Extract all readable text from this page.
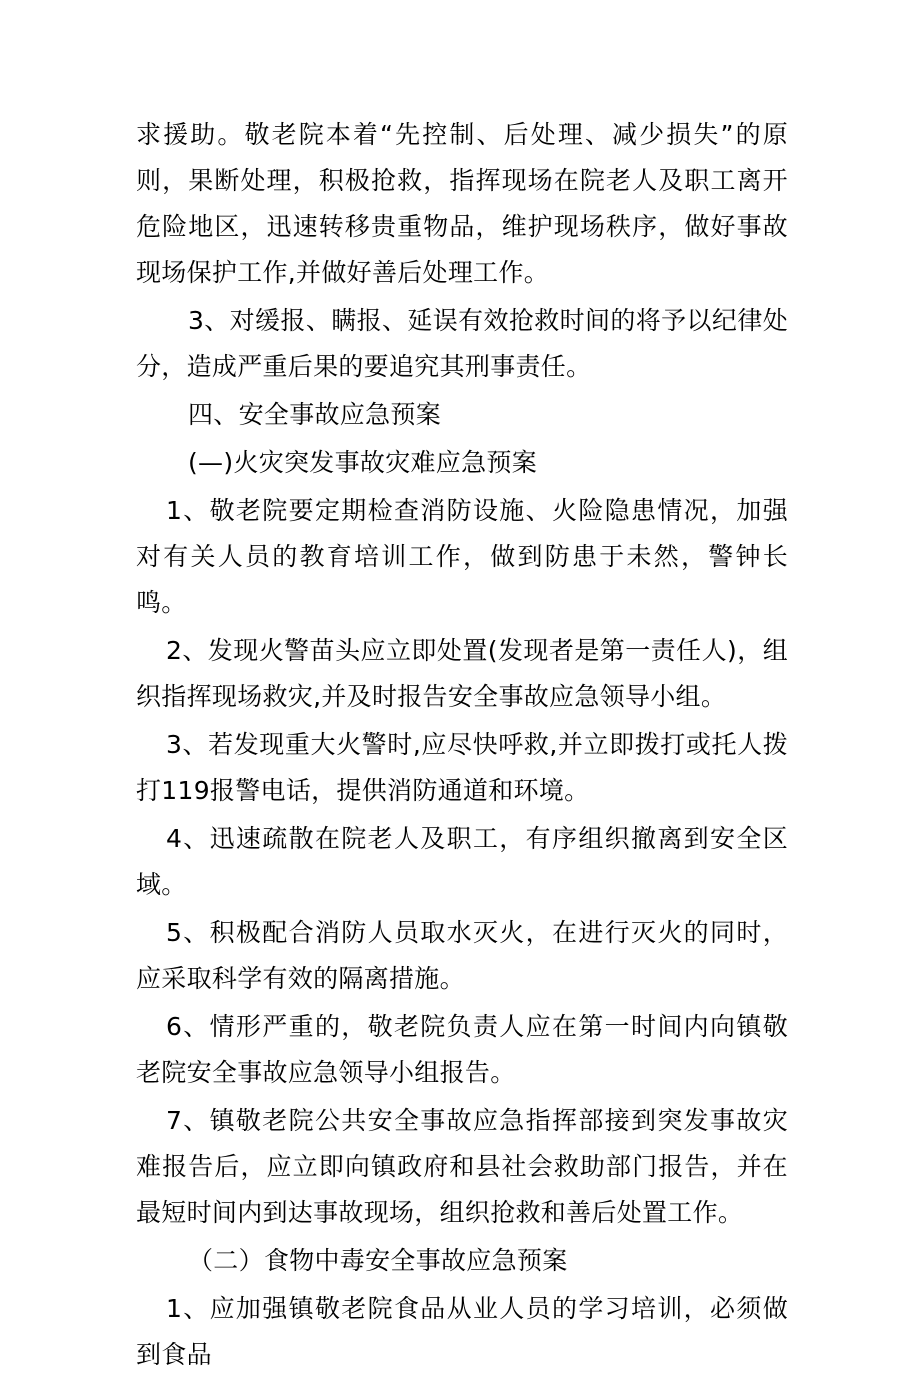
求援助。敬老院本着“先控制、后处理、减少损失”的原则，果断处理，积极抢救，指挥现场在院老人及职工离开危险地区，迅速转移贵重物品，维护现场秩序，做好事故现场保护工作,并做好善后处理工作。

3、对缓报、瞒报、延误有效抢救时间的将予以纪律处分，造成严重后果的要追究其刑事责任。

四、安全事故应急预案

(—)火灾突发事故灾难应急预案

1、敬老院要定期检查消防设施、火险隐患情况，加强对有关人员的教育培训工作，做到防患于未然，警钟长鸣。

2、发现火警苗头应立即处置(发现者是第一责任人)，组织指挥现场救灾,并及时报告安全事故应急领导小组。

3、若发现重大火警时,应尽快呼救,并立即拨打或托人拨打119报警电话，提供消防通道和环境。

4、迅速疏散在院老人及职工，有序组织撤离到安全区域。

5、积极配合消防人员取水灭火，在进行灭火的同时，应采取科学有效的隔离措施。

6、情形严重的，敬老院负责人应在第一时间内向镇敬老院安全事故应急领导小组报告。

7、镇敬老院公共安全事故应急指挥部接到突发事故灾难报告后，应立即向镇政府和县社会救助部门报告，并在最短时间内到达事故现场，组织抢救和善后处置工作。

（二）食物中毒安全事故应急预案

1、应加强镇敬老院食品从业人员的学习培训，必须做到食品
